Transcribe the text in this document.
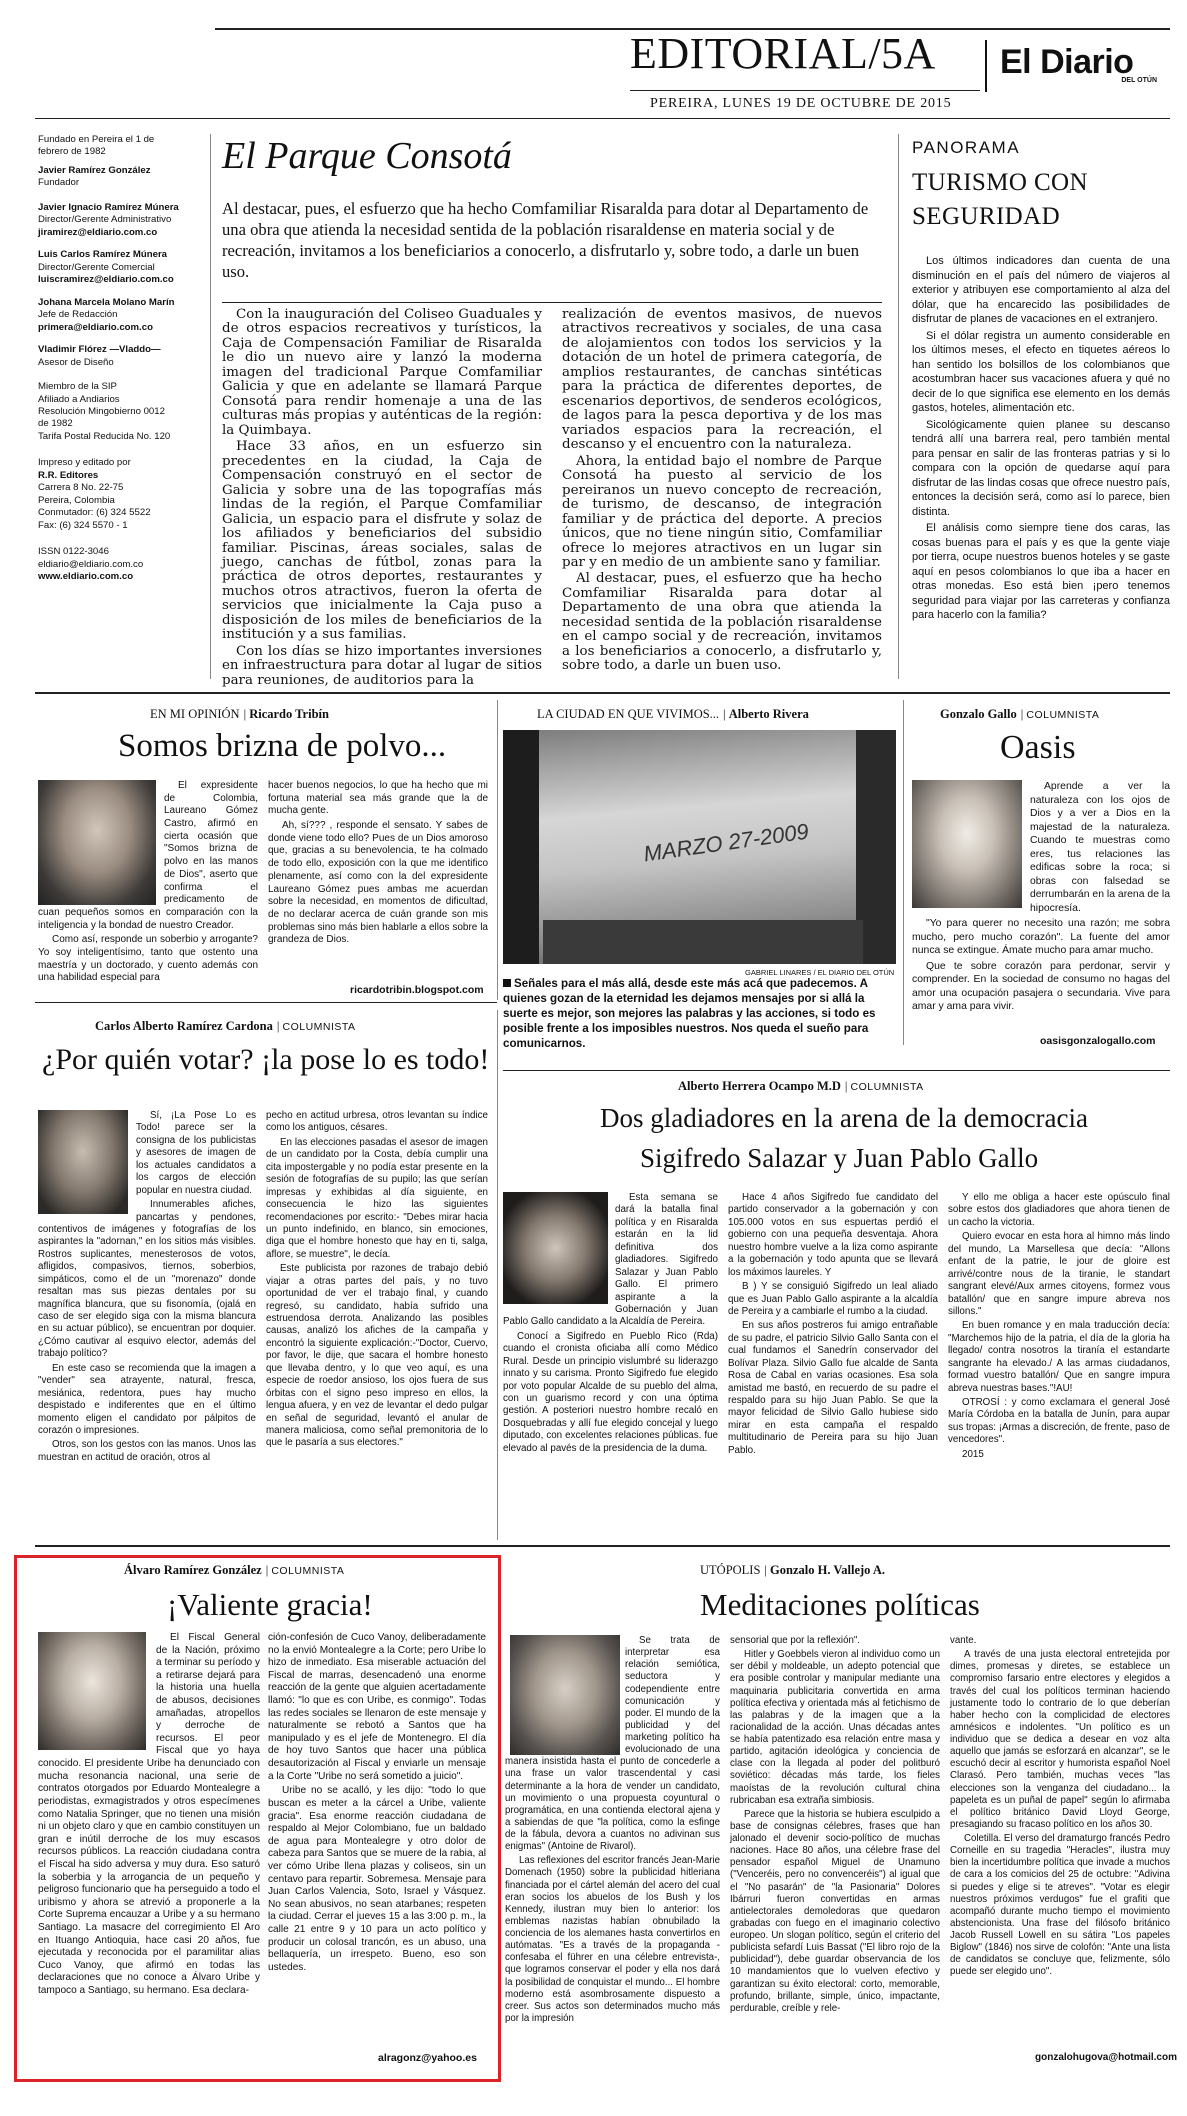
EDITORIAL/5A El Diario
DEL OTÚN
PEREIRA, LUNES 19 DE OCTUBRE DE 2015

Fundado en Pereira el 1 de febrero de 1982

Javier Ramírez González

Fundador

Javier Ignacio Ramírez Múnera

Director/Gerente Administrativo

jiramirez@eldiario.com.co

Luis Carlos Ramírez Múnera

Director/Gerente Comercial

luiscramirez@eldiario.com.co

Johana Marcela Molano Marín

Jefe de Redacción

primera@eldiario.com.co

Vladimir Flórez —Vladdo—

Asesor de Diseño

Miembro de la SIP

Afiliado a Andiarios

Resolución Mingobierno 0012 de 1982

Tarifa Postal Reducida No. 120

Impreso y editado por

R.R. Editores

Carrera 8 No. 22-75

Pereira, Colombia

Conmutador: (6) 324 5522

Fax: (6) 324 5570 - 1

ISSN 0122-3046

eldiario@eldiario.com.co

www.eldiario.com.co

El Parque Consotá
Al destacar, pues, el esfuerzo que ha hecho Comfamiliar Risaralda para dotar al Departamento de una obra que atienda la necesidad sentida de la población risaraldense en materia social y de recreación, invitamos a los beneficiarios a conocerlo, a disfrutarlo y, sobre todo, a darle un buen uso.

Con la inauguración del Coliseo Guaduales y de otros espacios recreativos y turísticos, la Caja de Compensación Familiar de Risaralda le dio un nuevo aire y lanzó la moderna imagen del tradicional Parque Comfamiliar Galicia y que en adelante se llamará Parque Consotá para rendir homenaje a una de las culturas más propias y auténticas de la región: la Quimbaya.

Hace 33 años, en un esfuerzo sin precedentes en la ciudad, la Caja de Compensación construyó en el sector de Galicia y sobre una de las topografías más lindas de la región, el Parque Comfamiliar Galicia, un espacio para el disfrute y solaz de los afiliados y beneficiarios del subsidio familiar. Piscinas, áreas sociales, salas de juego, canchas de fútbol, zonas para la práctica de otros deportes, restaurantes y muchos otros atractivos, fueron la oferta de servicios que inicialmente la Caja puso a disposición de los miles de beneficiarios de la institución y a sus familias.

Con los días se hizo importantes inversiones en infraestructura para dotar al lugar de sitios para reuniones, de auditorios para la

realización de eventos masivos, de nuevos atractivos recreativos y sociales, de una casa de alojamientos con todos los servicios y la dotación de un hotel de primera categoría, de amplios restaurantes, de canchas sintéticas para la práctica de diferentes deportes, de escenarios deportivos, de senderos ecológicos, de lagos para la pesca deportiva y de los mas variados espacios para la recreación, el descanso y el encuentro con la naturaleza.

Ahora, la entidad bajo el nombre de Parque Consotá ha puesto al servicio de los pereiranos un nuevo concepto de recreación, de turismo, de descanso, de integración familiar y de práctica del deporte. A precios únicos, que no tiene ningún sitio, Comfamiliar ofrece lo mejores atractivos en un lugar sin par y en medio de un ambiente sano y familiar.

Al destacar, pues, el esfuerzo que ha hecho Comfamiliar Risaralda para dotar al Departamento de una obra que atienda la necesidad sentida de la población risaraldense en el campo social y de recreación, invitamos a los beneficiarios a conocerlo, a disfrutarlo y, sobre todo, a darle un buen uso.

PANORAMA
TURISMO CON SEGURIDAD

Los últimos indicadores dan cuenta de una disminución en el país del número de viajeros al exterior y atribuyen ese comportamiento al alza del dólar, que ha encarecido las posibilidades de disfrutar de planes de vacaciones en el extranjero.

Si el dólar registra un aumento considerable en los últimos meses, el efecto en tiquetes aéreos lo han sentido los bolsillos de los colombianos que acostumbran hacer sus vacaciones afuera y qué no decir de lo que significa ese elemento en los demás gastos, hoteles, alimentación etc.

Sicológicamente quien planee su descanso tendrá allí una barrera real, pero también mental para pensar en salir de las fronteras patrias y si lo compara con la opción de quedarse aquí para disfrutar de las lindas cosas que ofrece nuestro país, entonces la decisión será, como así lo parece, bien distinta.

El análisis como siempre tiene dos caras, las cosas buenas para el país y es que la gente viaje por tierra, ocupe nuestros buenos hoteles y se gaste aquí en pesos colombianos lo que iba a hacer en otras monedas. Eso está bien ¡pero tenemos seguridad para viajar por las carreteras y confianza para hacerlo con la familia?

EN MI OPINIÓN | Ricardo Tribín
Somos brizna de polvo...

El expresidente de Colombia, Laureano Gómez Castro, afirmó en cierta ocasión que "Somos brizna de polvo en las manos de Dios", aserto que confirma el predicamento de cuan pequeños somos en comparación con la inteligencia y la bondad de nuestro Creador.

Como así, responde un soberbio y arrogante? Yo soy inteligentísimo, tanto que ostento una maestría y un doctorado, y cuento además con una habilidad especial para

hacer buenos negocios, lo que ha hecho que mi fortuna material sea más grande que la de mucha gente.

Ah, sí??? , responde el sensato. Y sabes de donde viene todo ello? Pues de un Dios amoroso que, gracias a su benevolencia, te ha colmado de todo ello, exposición con la que me identifico plenamente, así como con la del expresidente Laureano Gómez pues ambas me acuerdan sobre la necesidad, en momentos de dificultad, de no declarar acerca de cuán grande son mis problemas sino más bien hablarle a ellos sobre la grandeza de Dios.

ricardotribin.blogspot.com
LA CIUDAD EN QUE VIVIMOS... | Alberto Rivera
MARZO 27-2009
GABRIEL LINARES / EL DIARIO DEL OTÚN
Señales para el más allá, desde este más acá que padecemos. A quienes gozan de la eternidad les dejamos mensajes por si allá la suerte es mejor, son mejores las palabras y las acciones, si todo es posible frente a los imposibles nuestros. Nos queda el sueño para comunicarnos.
Gonzalo Gallo | COLUMNISTA
Oasis

Aprende a ver la naturaleza con los ojos de Dios y a ver a Dios en la majestad de la naturaleza. Cuando te muestras como eres, tus relaciones las edificas sobre la roca; si obras con falsedad se derrumbarán en la arena de la hipocresía.

"Yo para querer no necesito una razón; me sobra mucho, pero mucho corazón". La fuente del amor nunca se extingue. Ámate mucho para amar mucho.

Que te sobre corazón para perdonar, servir y comprender. En la sociedad de consumo no hagas del amor una ocupación pasajera o secundaria. Vive para amar y ama para vivir.

oasisgonzalogallo.com
Carlos Alberto Ramírez Cardona | COLUMNISTA
¿Por quién votar? ¡la pose lo es todo!

Sí, ¡La Pose Lo es Todo! parece ser la consigna de los publicistas y asesores de imagen de los actuales candidatos a los cargos de elección popular en nuestra ciudad.

Innumerables afiches, pancartas y pendones, contentivos de imágenes y fotografías de los aspirantes la "adornan," en los sitios más visibles. Rostros suplicantes, menesterosos de votos, afligidos, compasivos, tiernos, soberbios, simpáticos, como el de un "morenazo" donde resaltan mas sus piezas dentales por su magnífica blancura, que su fisonomía, (ojalá en caso de ser elegido siga con la misma blancura en su actuar público), se encuentran por doquier. ¿Cómo cautivar al esquivo elector, además del trabajo político?

En este caso se recomienda que la imagen a "vender" sea atrayente, natural, fresca, mesiánica, redentora, pues hay mucho despistado e indiferentes que en el último momento eligen el candidato por pálpitos de corazón o impresiones.

Otros, son los gestos con las manos. Unos las muestran en actitud de oración, otros al

pecho en actitud urbresa, otros levantan su índice como los antiguos, césares.

En las elecciones pasadas el asesor de imagen de un candidato por la Costa, debía cumplir una cita impostergable y no podía estar presente en la sesión de fotografías de su pupilo; las que serían impresas y exhibidas al día siguiente, en consecuencia le hizo las siguientes recomendaciones por escrito:- "Debes mirar hacia un punto indefinido, en blanco, sin emociones, diga que el hombre honesto que hay en ti, salga, aflore, se muestre", le decía.

Este publicista por razones de trabajo debió viajar a otras partes del país, y no tuvo oportunidad de ver el trabajo final, y cuando regresó, su candidato, había sufrido una estruendosa derrota. Analizando las posibles causas, analizó los afiches de la campaña y encontró la siguiente explicación:-"Doctor, Cuervo, por favor, le dije, que sacara el hombre honesto que llevaba dentro, y lo que veo aquí, es una especie de roedor ansioso, los ojos fuera de sus órbitas con el signo peso impreso en ellos, la lengua afuera, y en vez de levantar el dedo pulgar en señal de seguridad, levantó el anular de manera maliciosa, como señal premonitoria de lo que le pasaría a sus electores."

Alberto Herrera Ocampo M.D | COLUMNISTA
Dos gladiadores en la arena de la democracia
Sigifredo Salazar y Juan Pablo Gallo

Esta semana se dará la batalla final política y en Risaralda estarán en la lid definitiva dos gladiadores. Sigifredo Salazar y Juan Pablo Gallo. El primero aspirante a la Gobernación y Juan Pablo Gallo candidato a la Alcaldía de Pereira.

Conocí a Sigifredo en Pueblo Rico (Rda) cuando el cronista oficiaba allí como Médico Rural. Desde un principio vislumbré su liderazgo innato y su carisma. Pronto Sigifredo fue elegido por voto popular Alcalde de su pueblo del alma, con un guarismo record y con una óptima gestión. A posteriori nuestro hombre recaló en Dosquebradas y allí fue elegido concejal y luego diputado, con excelentes relaciones públicas. fue elevado al pavés de la presidencia de la duma.

Hace 4 años Sigifredo fue candidato del partido conservador a la gobernación y con 105.000 votos en sus espuertas perdió el gobierno con una pequeña desventaja. Ahora nuestro hombre vuelve a la liza como aspirante a la gobernación y todo apunta que se llevará los máximos laureles. Y

B ) Y se consiguió Sigifredo un leal aliado que es Juan Pablo Gallo aspirante a la alcaldía de Pereira y a cambiarle el rumbo a la ciudad.

En sus años postreros fui amigo entrañable de su padre, el patricio Silvio Gallo Santa con el cual fundamos el Sanedrín conservador del Bolívar Plaza. Silvio Gallo fue alcalde de Santa Rosa de Cabal en varias ocasiones. Esa sola amistad me bastó, en recuerdo de su padre el respaldo para su hijo Juan Pablo. Se que la mayor felicidad de Silvio Gallo hubiese sido mirar en esta campaña el respaldo multitudinario de Pereira para su hijo Juan Pablo.

Y ello me obliga a hacer este opúsculo final sobre estos dos gladiadores que ahora tienen de un cacho la victoria.

Quiero evocar en esta hora al himno más lindo del mundo, La Marsellesa que decía: "Allons enfant de la patrie, le jour de gloire est arrivé/contre nous de la tiranie, le standart sangrant elevé/Aux armes citoyens, formez vous batallón/ que en sangre impure abreva nos sillons."

En buen romance y en mala traducción decía: "Marchemos hijo de la patria, el día de la gloria ha llegado/ contra nosotros la tiranía el estandarte sangrante ha elevado./ A las armas ciudadanos, formad vuestro batallón/ Que en sangre impura abreva nuestras bases."!AU!

OTROSÍ : y como exclamara el general José María Córdoba en la batalla de Junín, para aupar sus tropas: ¡Armas a discreción, de frente, paso de vencedores".

2015

Álvaro Ramírez González | COLUMNISTA
¡Valiente gracia!

El Fiscal General de la Nación, próximo a terminar su período y a retirarse dejará para la historia una huella de abusos, decisiones amañadas, atropellos y derroche de recursos. El peor Fiscal que yo haya conocido. El presidente Uribe ha denunciado con mucha resonancia nacional, una serie de contratos otorgados por Eduardo Montealegre a periodistas, exmagistrados y otros especímenes como Natalia Springer, que no tienen una misión ni un objeto claro y que en cambio constituyen un gran e inútil derroche de los muy escasos recursos públicos. La reacción ciudadana contra el Fiscal ha sido adversa y muy dura. Eso saturó la soberbia y la arrogancia de un pequeño y peligroso funcionario que ha perseguido a todo el uribismo y ahora se atrevió a proponerle a la Corte Suprema encauzar a Uribe y a su hermano Santiago. La masacre del corregimiento El Aro en Ituango Antioquia, hace casi 20 años, fue ejecutada y reconocida por el paramilitar alias Cuco Vanoy, que afirmó en todas las declaraciones que no conoce a Álvaro Uribe y tampoco a Santiago, su hermano. Esa declara-

ción-confesión de Cuco Vanoy, deliberadamente no la envió Montealegre a la Corte; pero Uribe lo hizo de inmediato. Esa miserable actuación del Fiscal de marras, desencadenó una enorme reacción de la gente que alguien acertadamente llamó: "lo que es con Uribe, es conmigo". Todas las redes sociales se llenaron de este mensaje y naturalmente se rebotó a Santos que ha manipulado y es el jefe de Montenegro. El día de hoy tuvo Santos que hacer una pública desautorización al Fiscal y enviarle un mensaje a la Corte "Uribe no será sometido a juicio".

Uribe no se acalló, y les dijo: "todo lo que buscan es meter a la cárcel a Uribe, valiente gracia". Esa enorme reacción ciudadana de respaldo al Mejor Colombiano, fue un baldado de agua para Montealegre y otro dolor de cabeza para Santos que se muere de la rabia, al ver cómo Uribe llena plazas y coliseos, sin un centavo para repartir. Sobremesa. Mensaje para Juan Carlos Valencia, Soto, Israel y Vásquez. No sean abusivos, no sean atarbanes; respeten la ciudad. Cerrar el jueves 15 a las 3:00 p. m., la calle 21 entre 9 y 10 para un acto político y producir un colosal trancón, es un abuso, una bellaquería, un irrespeto. Bueno, eso son ustedes.

alragonz@yahoo.es
UTÓPOLIS | Gonzalo H. Vallejo A.
Meditaciones políticas

Se trata de interpretar esa relación semiótica, seductora y codependiente entre comunicación y poder. El mundo de la publicidad y del marketing político ha evolucionado de una manera insistida hasta el punto de concederle a una frase un valor trascendental y casi determinante a la hora de vender un candidato, un movimiento o una propuesta coyuntural o programática, en una contienda electoral ajena y a sabiendas de que "la política, como la esfinge de la fábula, devora a cuantos no adivinan sus enigmas" (Antoine de Rivarol).

Las reflexiones del escritor francés Jean-Marie Domenach (1950) sobre la publicidad hitleriana financiada por el cártel alemán del acero del cual eran socios los abuelos de los Bush y los Kennedy, ilustran muy bien lo anterior: los emblemas nazistas habían obnubilado la conciencia de los alemanes hasta convertirlos en autómatas. "Es a través de la propaganda -confesaba el führer en una célebre entrevista-, que logramos conservar el poder y ella nos dará la posibilidad de conquistar el mundo... El hombre moderno está asombrosamente dispuesto a creer. Sus actos son determinados mucho más por la impresión

sensorial que por la reflexión".

Hitler y Goebbels vieron al individuo como un ser débil y moldeable, un adepto potencial que era posible controlar y manipular mediante una maquinaria publicitaria convertida en arma política efectiva y orientada más al fetichismo de las palabras y de la imagen que a la racionalidad de la acción. Unas décadas antes se había patentizado esa relación entre masa y partido, agitación ideológica y conciencia de clase con la llegada al poder del politburó soviético: décadas más tarde, los fieles maoístas de la revolución cultural china rubricaban esa extraña simbiosis.

Parece que la historia se hubiera esculpido a base de consignas célebres, frases que han jalonado el devenir socio-político de muchas naciones. Hace 80 años, una célebre frase del pensador español Miguel de Unamuno ("Venceréis, pero no convenceréis") al igual que el "No pasarán" de "la Pasionaria" Dolores Ibárruri fueron convertidas en armas antielectorales demoledoras que quedaron grabadas con fuego en el imaginario colectivo europeo. Un slogan político, según el criterio del publicista sefardí Luis Bassat ("El libro rojo de la publicidad"), debe guardar observancia de los 10 mandamientos que lo vuelven efectivo y garantizan su éxito electoral: corto, memorable, profundo, brillante, simple, único, impactante, perdurable, creíble y rele-

vante.

A través de una justa electoral entretejida por dimes, promesas y diretes, se establece un compromiso farsario entre electores y elegidos a través del cual los políticos terminan haciendo justamente todo lo contrario de lo que deberían haber hecho con la complicidad de electores amnésicos e indolentes. "Un político es un individuo que se dedica a desear en voz alta aquello que jamás se esforzará en alcanzar", se le escuchó decir al escritor y humorista español Noel Clarasó. Pero también, muchas veces "las elecciones son la venganza del ciudadano... la papeleta es un puñal de papel" según lo afirmaba el político británico David Lloyd George, presagiando su fracaso político en los años 30.

Coletilla. El verso del dramaturgo francés Pedro Corneille en su tragedia "Heracles", ilustra muy bien la incertidumbre política que invade a muchos de cara a los comicios del 25 de octubre: "Adivina si puedes y elige si te atreves". "Votar es elegir nuestros próximos verdugos" fue el grafiti que acompañó durante mucho tiempo el movimiento abstencionista. Una frase del filósofo británico Jacob Russell Lowell en su sátira "Los papeles Biglow" (1846) nos sirve de colofón: "Ante una lista de candidatos se concluye que, felizmente, sólo puede ser elegido uno".

gonzalohugova@hotmail.com
